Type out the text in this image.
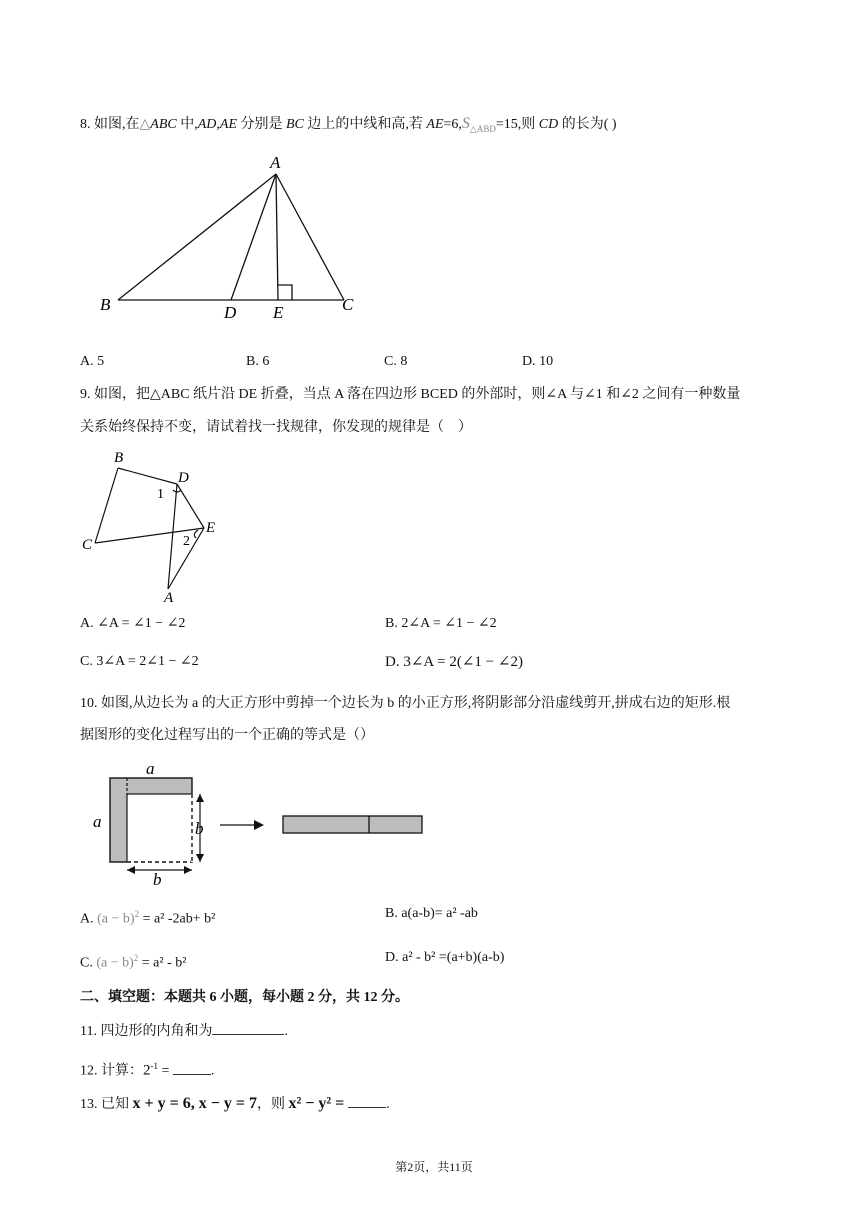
8. 如图,在△ABC 中,AD,AE 分别是 BC 边上的中线和高,若 $AE=6,S_{\triangle ABD}=15$,则 CD 的长为( )
A
B	C
D E
A. 5	B. 6	C. 8	D. 10
9. 如图，把△ABC 纸片沿 DE 折叠，当点 A 落在四边形 BCED 的外部时，则∠A 与∠1 和∠2 之间有一种数量
关系始终保持不变，请试着找一找规律，你发现的规律是（　）
B
D
1
E
C	2
A
A. ∠A = ∠1 − ∠2	B. 2∠A = ∠1 − ∠2
C. 3∠A = 2∠1 − ∠2	D. 3∠A = 2(∠1 − ∠2)
10. 如图,从边长为 a 的大正方形中剪掉一个边长为 b 的小正方形,将阴影部分沿虚线剪开,拼成右边的矩形.根
据图形的变化过程写出的一个正确的等式是（）
a
a	b
b
A. $(a - b)^2 = a^2$ -2ab+ b²	B. a(a-b)= a² -ab
C. $(a - b)^2 = a^2 - b^2$	D. a² - b² =(a+b)(a-b)
二、填空题：本题共 6 小题，每小题 2 分，共 12 分。
11. 四边形的内角和为	.
12. 计算：$2^{-1}$ =	.
13. 已知 x + y = 6, x − y = 7，则 x² − y² =	.
第2页，共11页
